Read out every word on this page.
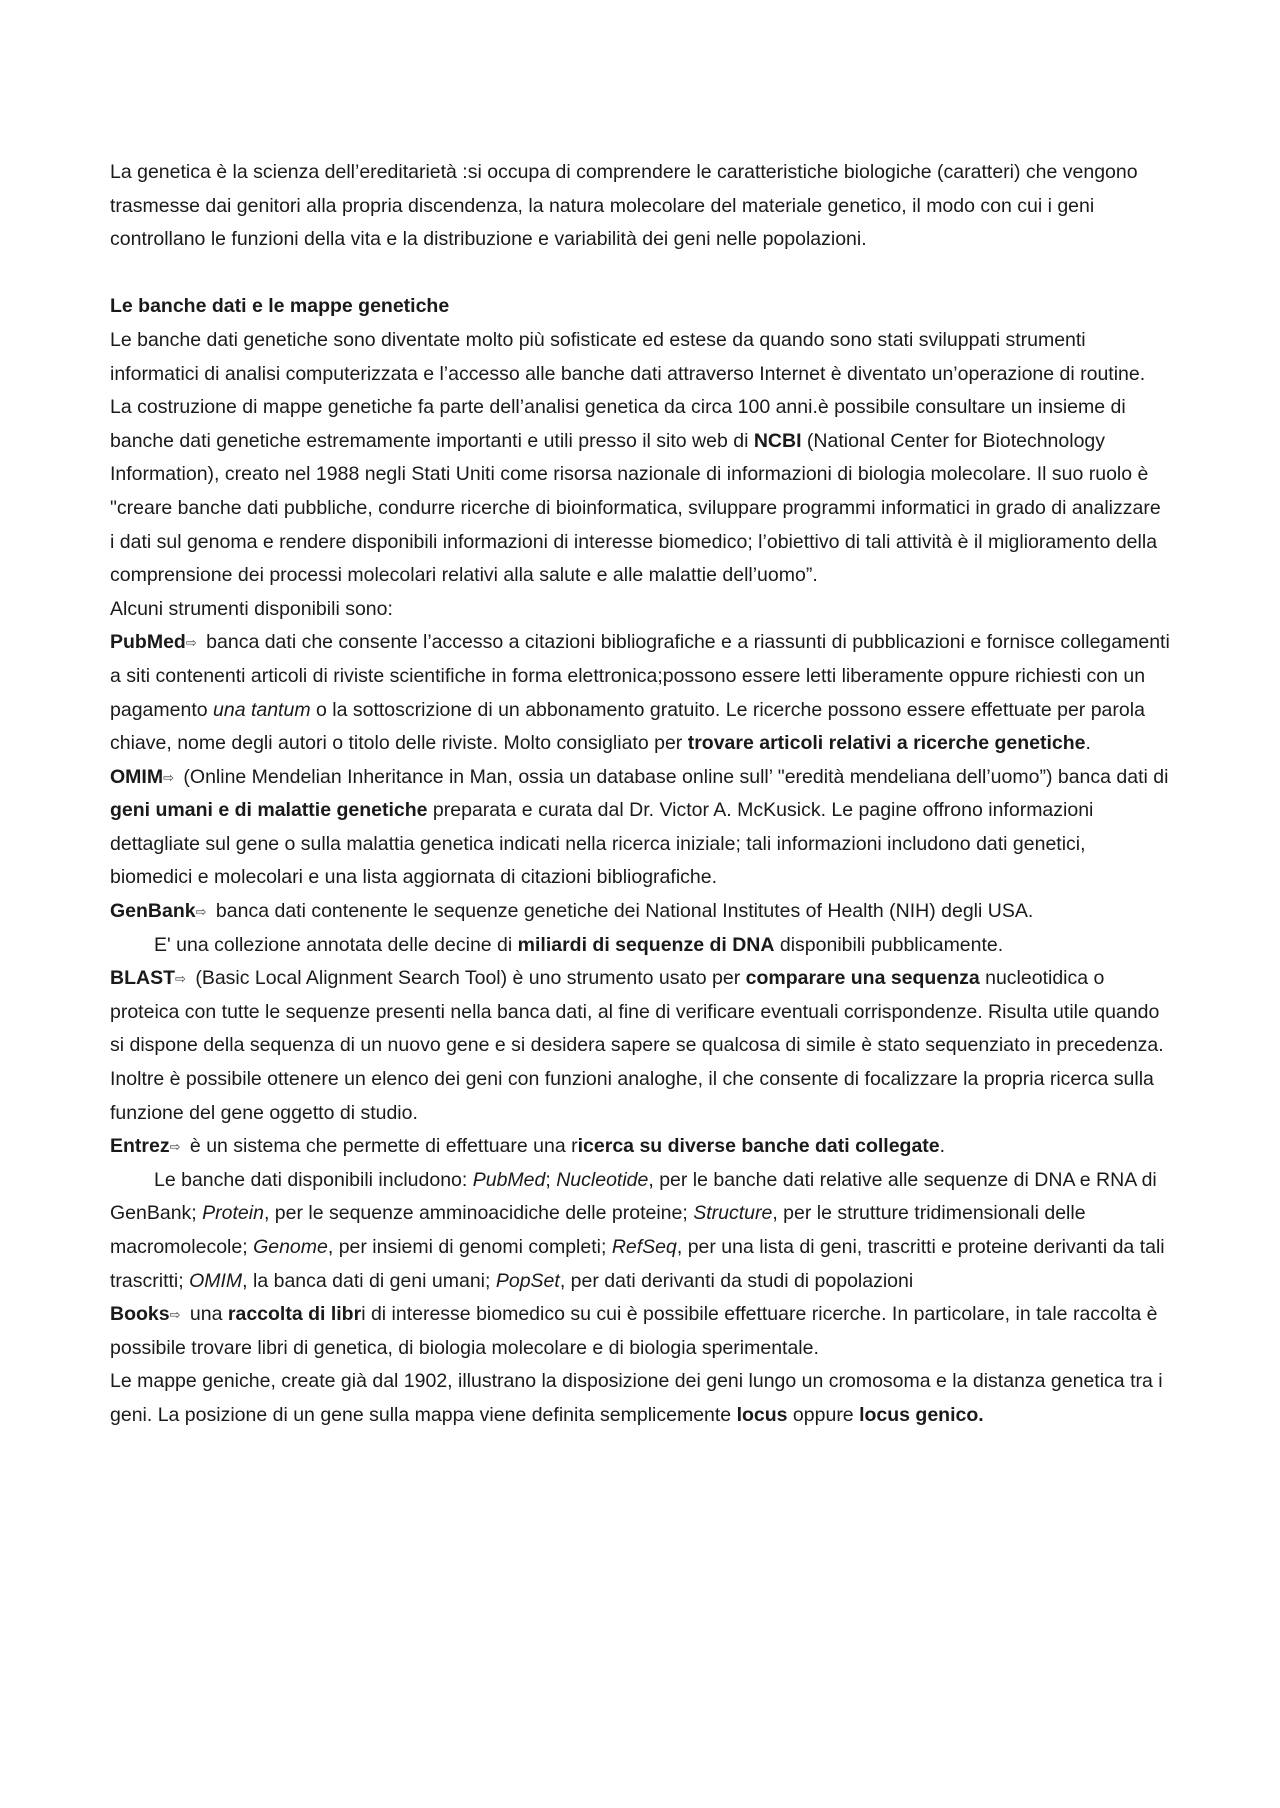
La genetica è la scienza dell’ereditarietà :si occupa di comprendere le caratteristiche biologiche (caratteri) che vengono trasmesse dai genitori alla propria discendenza, la natura molecolare del materiale genetico, il modo con cui i geni controllano le funzioni della vita e la distribuzione e variabilità dei geni nelle popolazioni.

Le banche dati e le mappe genetiche

Le banche dati genetiche sono diventate molto più sofisticate ed estese da quando sono stati sviluppati strumenti informatici di analisi computerizzata e l’accesso alle banche dati attraverso Internet è diventato un’operazione di routine. La costruzione di mappe genetiche fa parte dell’analisi genetica da circa 100 anni.è possibile consultare un insieme di banche dati genetiche estremamente importanti e utili presso il sito web di NCBI (National Center for Biotechnology Information), creato nel 1988 negli Stati Uniti come risorsa nazionale di informazioni di biologia molecolare. Il suo ruolo è "creare banche dati pubbliche, condurre ricerche di bioinformatica, sviluppare programmi informatici in grado di analizzare i dati sul genoma e rendere disponibili informazioni di interesse biomedico; l’obiettivo di tali attività è il miglioramento della comprensione dei processi molecolari relativi alla salute e alle malattie dell’uomo”.

Alcuni strumenti disponibili sono:

PubMed⇨ banca dati che consente l’accesso a citazioni bibliografiche e a riassunti di pubblicazioni e fornisce collegamenti a siti contenenti articoli di riviste scientifiche in forma elettronica;possono essere letti liberamente oppure richiesti con un pagamento una tantum o la sottoscrizione di un abbonamento gratuito. Le ricerche possono essere effettuate per parola chiave, nome degli autori o titolo delle riviste. Molto consigliato per trovare articoli relativi a ricerche genetiche.

OMIM⇨ (Online Mendelian Inheritance in Man, ossia un database online sull’ "eredità mendeliana dell’uomo”) banca dati di geni umani e di malattie genetiche preparata e curata dal Dr. Victor A. McKusick. Le pagine offrono informazioni dettagliate sul gene o sulla malattia genetica indicati nella ricerca iniziale; tali informazioni includono dati genetici, biomedici e molecolari e una lista aggiornata di citazioni bibliografiche.

GenBank⇨ banca dati contenente le sequenze genetiche dei National Institutes of Health (NIH) degli USA.

E' una collezione annotata delle decine di miliardi di sequenze di DNA disponibili pubblicamente.

BLAST⇨ (Basic Local Alignment Search Tool) è uno strumento usato per comparare una sequenza nucleotidica o proteica con tutte le sequenze presenti nella banca dati, al fine di verificare eventuali corrispondenze. Risulta utile quando si dispone della sequenza di un nuovo gene e si desidera sapere se qualcosa di simile è stato sequenziato in precedenza. Inoltre è possibile ottenere un elenco dei geni con funzioni analoghe, il che consente di focalizzare la propria ricerca sulla funzione del gene oggetto di studio.

Entrez⇨ è un sistema che permette di effettuare una ricerca su diverse banche dati collegate.

Le banche dati disponibili includono: PubMed; Nucleotide, per le banche dati relative alle sequenze di DNA e RNA di GenBank; Protein, per le sequenze amminoacidiche delle proteine; Structure, per le strutture tridimensionali delle macromolecole; Genome, per insiemi di genomi completi; RefSeq, per una lista di geni, trascritti e proteine derivanti da tali trascritti; OMIM, la banca dati di geni umani; PopSet, per dati derivanti da studi di popolazioni

Books⇨ una raccolta di libri di interesse biomedico su cui è possibile effettuare ricerche. In particolare, in tale raccolta è possibile trovare libri di genetica, di biologia molecolare e di biologia sperimentale.

Le mappe geniche, create già dal 1902, illustrano la disposizione dei geni lungo un cromosoma e la distanza genetica tra i geni. La posizione di un gene sulla mappa viene definita semplicemente locus oppure locus genico.
